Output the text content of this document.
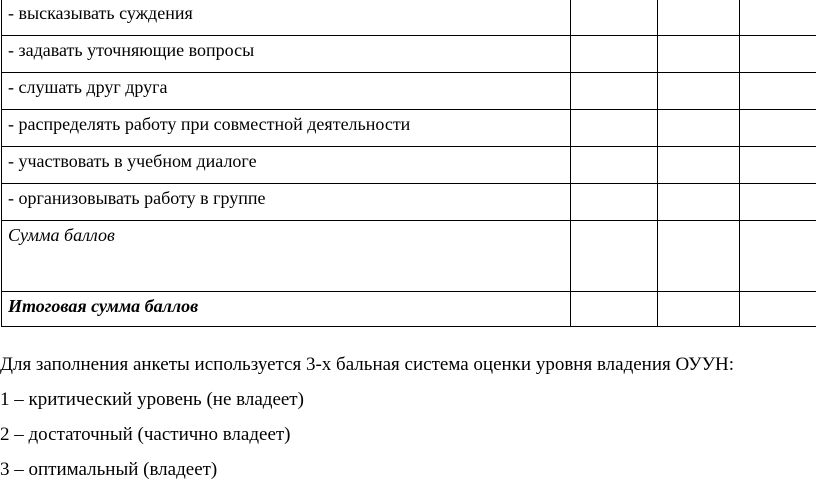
- высказывать суждения			
- задавать уточняющие вопросы			
- слушать друг друга			
- распределять работу при совместной деятельности			
- участвовать в учебном диалоге			
- организовывать работу в группе			
Сумма баллов			
Итоговая сумма баллов			

Для заполнения анкеты используется 3-х бальная система оценки уровня владения ОУУН:

1 – критический уровень (не владеет)

2 – достаточный (частично владеет)

3 – оптимальный (владеет)
